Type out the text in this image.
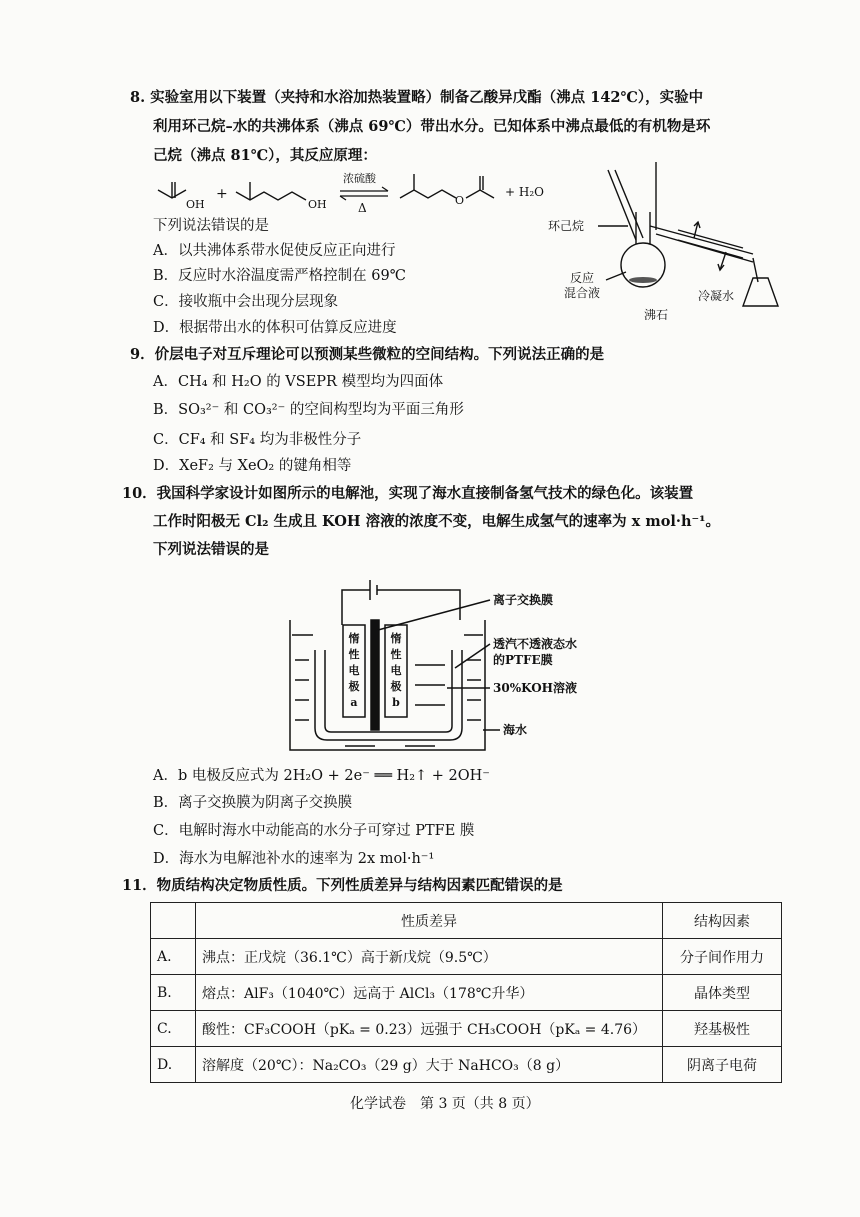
8. 实验室用以下装置（夹持和水浴加热装置略）制备乙酸异戊酯（沸点 142℃），实验中
利用环己烷–水的共沸体系（沸点 69℃）带出水分。已知体系中沸点最低的有机物是环
己烷（沸点 81℃），其反应原理：
OH
+
OH
浓硫酸
Δ
O
+ H₂O
下列说法错误的是
A．以共沸体系带水促使反应正向进行
B．反应时水浴温度需严格控制在 69℃
C．接收瓶中会出现分层现象
D．根据带出水的体积可估算反应进度
环己烷
反应
混合液
沸石
冷凝水
9．价层电子对互斥理论可以预测某些微粒的空间结构。下列说法正确的是
A．CH₄ 和 H₂O 的 VSEPR 模型均为四面体
B．SO₃²⁻ 和 CO₃²⁻ 的空间构型均为平面三角形
C．CF₄ 和 SF₄ 均为非极性分子
D．XeF₂ 与 XeO₂ 的键角相等
10．我国科学家设计如图所示的电解池，实现了海水直接制备氢气技术的绿色化。该装置
工作时阳极无 Cl₂ 生成且 KOH 溶液的浓度不变，电解生成氢气的速率为 x mol·h⁻¹。
下列说法错误的是
惰
性
电
极
a
惰
性
电
极
b
离子交换膜
透汽不透液态水
的PTFE膜
30%KOH溶液
海水
A．b 电极反应式为 2H₂O + 2e⁻ ══ H₂↑ + 2OH⁻
B．离子交换膜为阴离子交换膜
C．电解时海水中动能高的水分子可穿过 PTFE 膜
D．海水为电解池补水的速率为 2x mol·h⁻¹
11．物质结构决定物质性质。下列性质差异与结构因素匹配错误的是
	性质差异	结构因素
A.	沸点：正戊烷（36.1℃）高于新戊烷（9.5℃）	分子间作用力
B.	熔点：AlF₃（1040℃）远高于 AlCl₃（178℃升华）	晶体类型
C.	酸性：CF₃COOH（pKₐ = 0.23）远强于 CH₃COOH（pKₐ = 4.76）	羟基极性
D.	溶解度（20℃）：Na₂CO₃（29 g）大于 NaHCO₃（8 g）	阴离子电荷
化学试卷　第 3 页（共 8 页）
